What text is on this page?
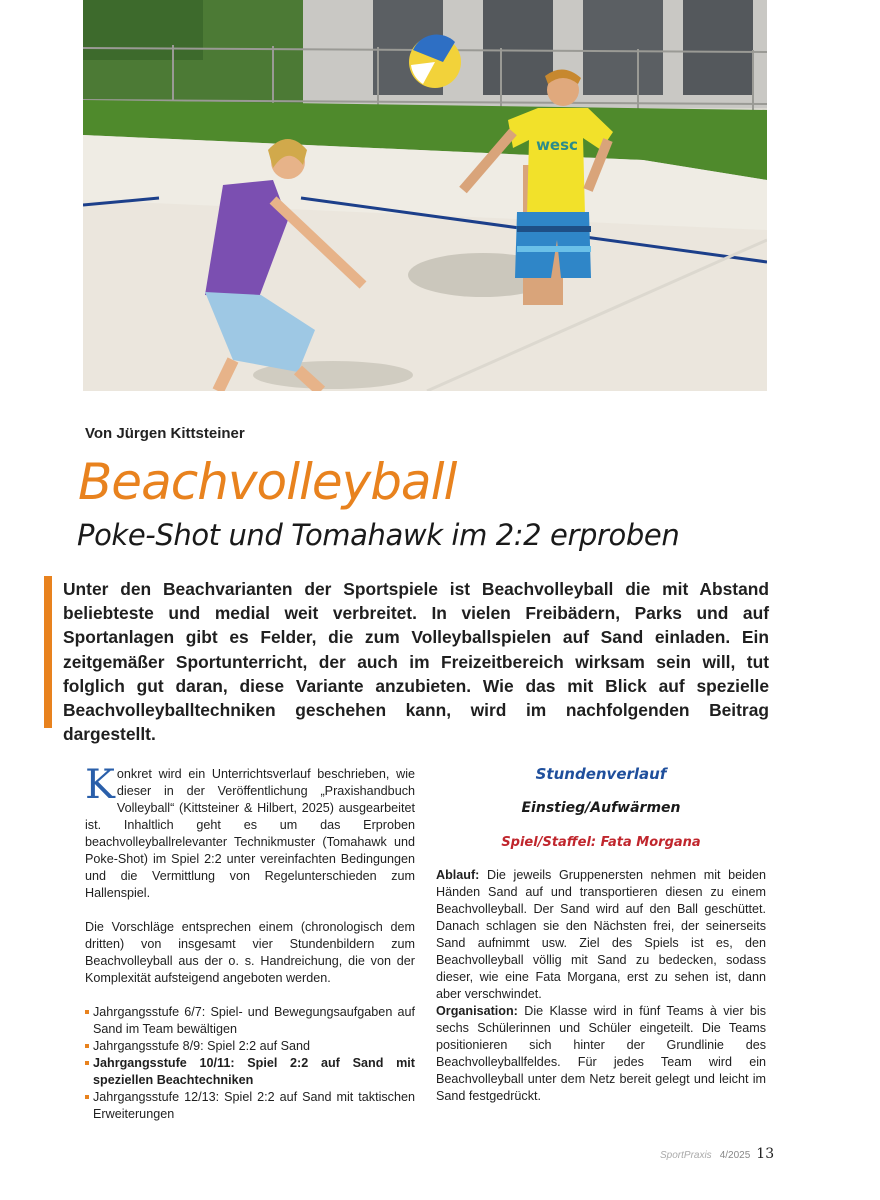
wesc
Von Jürgen Kittsteiner
Beachvolleyball
Poke-Shot und Tomahawk im 2:2 erproben
Unter den Beachvarianten der Sportspiele ist Beachvolleyball die mit Abstand beliebteste und medial weit verbreitet. In vielen Freibädern, Parks und auf Sportanlagen gibt es Felder, die zum Volleyballspielen auf Sand einladen. Ein zeitgemäßer Sportunterricht, der auch im Freizeitbereich wirksam sein will, tut folglich gut daran, diese Variante anzubieten. Wie das mit Blick auf spezielle Beachvolleyballtechniken geschehen kann, wird im nachfolgenden Beitrag dargestellt.

Konkret wird ein Unterrichtsverlauf beschrieben, wie dieser in der Veröffentlichung „Praxishandbuch Volleyball“ (Kittsteiner & Hilbert, 2025) ausgearbeitet ist. Inhaltlich geht es um das Erproben beachvolleyballrelevanter Technikmuster (Tomahawk und Poke-Shot) im Spiel 2:2 unter vereinfachten Bedingungen und die Vermittlung von Regelunterschieden zum Hallenspiel.

Die Vorschläge entsprechen einem (chronologisch dem dritten) von insgesamt vier Stundenbildern zum Beachvolleyball aus der o. s. Handreichung, die von der Komplexität aufsteigend angeboten werden.

Jahrgangsstufe 6/7: Spiel- und Bewegungsaufgaben auf Sand im Team bewältigen
Jahrgangsstufe 8/9: Spiel 2:2 auf Sand
Jahrgangsstufe 10/11: Spiel 2:2 auf Sand mit speziellen Beachtechniken
Jahrgangsstufe 12/13: Spiel 2:2 auf Sand mit taktischen Erweiterungen
Stundenverlauf
Einstieg/Aufwärmen
Spiel/Staffel: Fata Morgana

Ablauf: Die jeweils Gruppenersten nehmen mit beiden Händen Sand auf und transportieren diesen zu einem Beachvolleyball. Der Sand wird auf den Ball geschüttet. Danach schlagen sie den Nächsten frei, der seinerseits Sand aufnimmt usw. Ziel des Spiels ist es, den Beachvolleyball völlig mit Sand zu bedecken, sodass dieser, wie eine Fata Morgana, erst zu sehen ist, dann aber verschwindet.

Organisation: Die Klasse wird in fünf Teams à vier bis sechs Schülerinnen und Schüler eingeteilt. Die Teams positionieren sich hinter der Grundlinie des Beachvolleyballfeldes. Für jedes Team wird ein Beachvolleyball unter dem Netz bereit gelegt und leicht im Sand festgedrückt.

SportPraxis 4/2025 13
